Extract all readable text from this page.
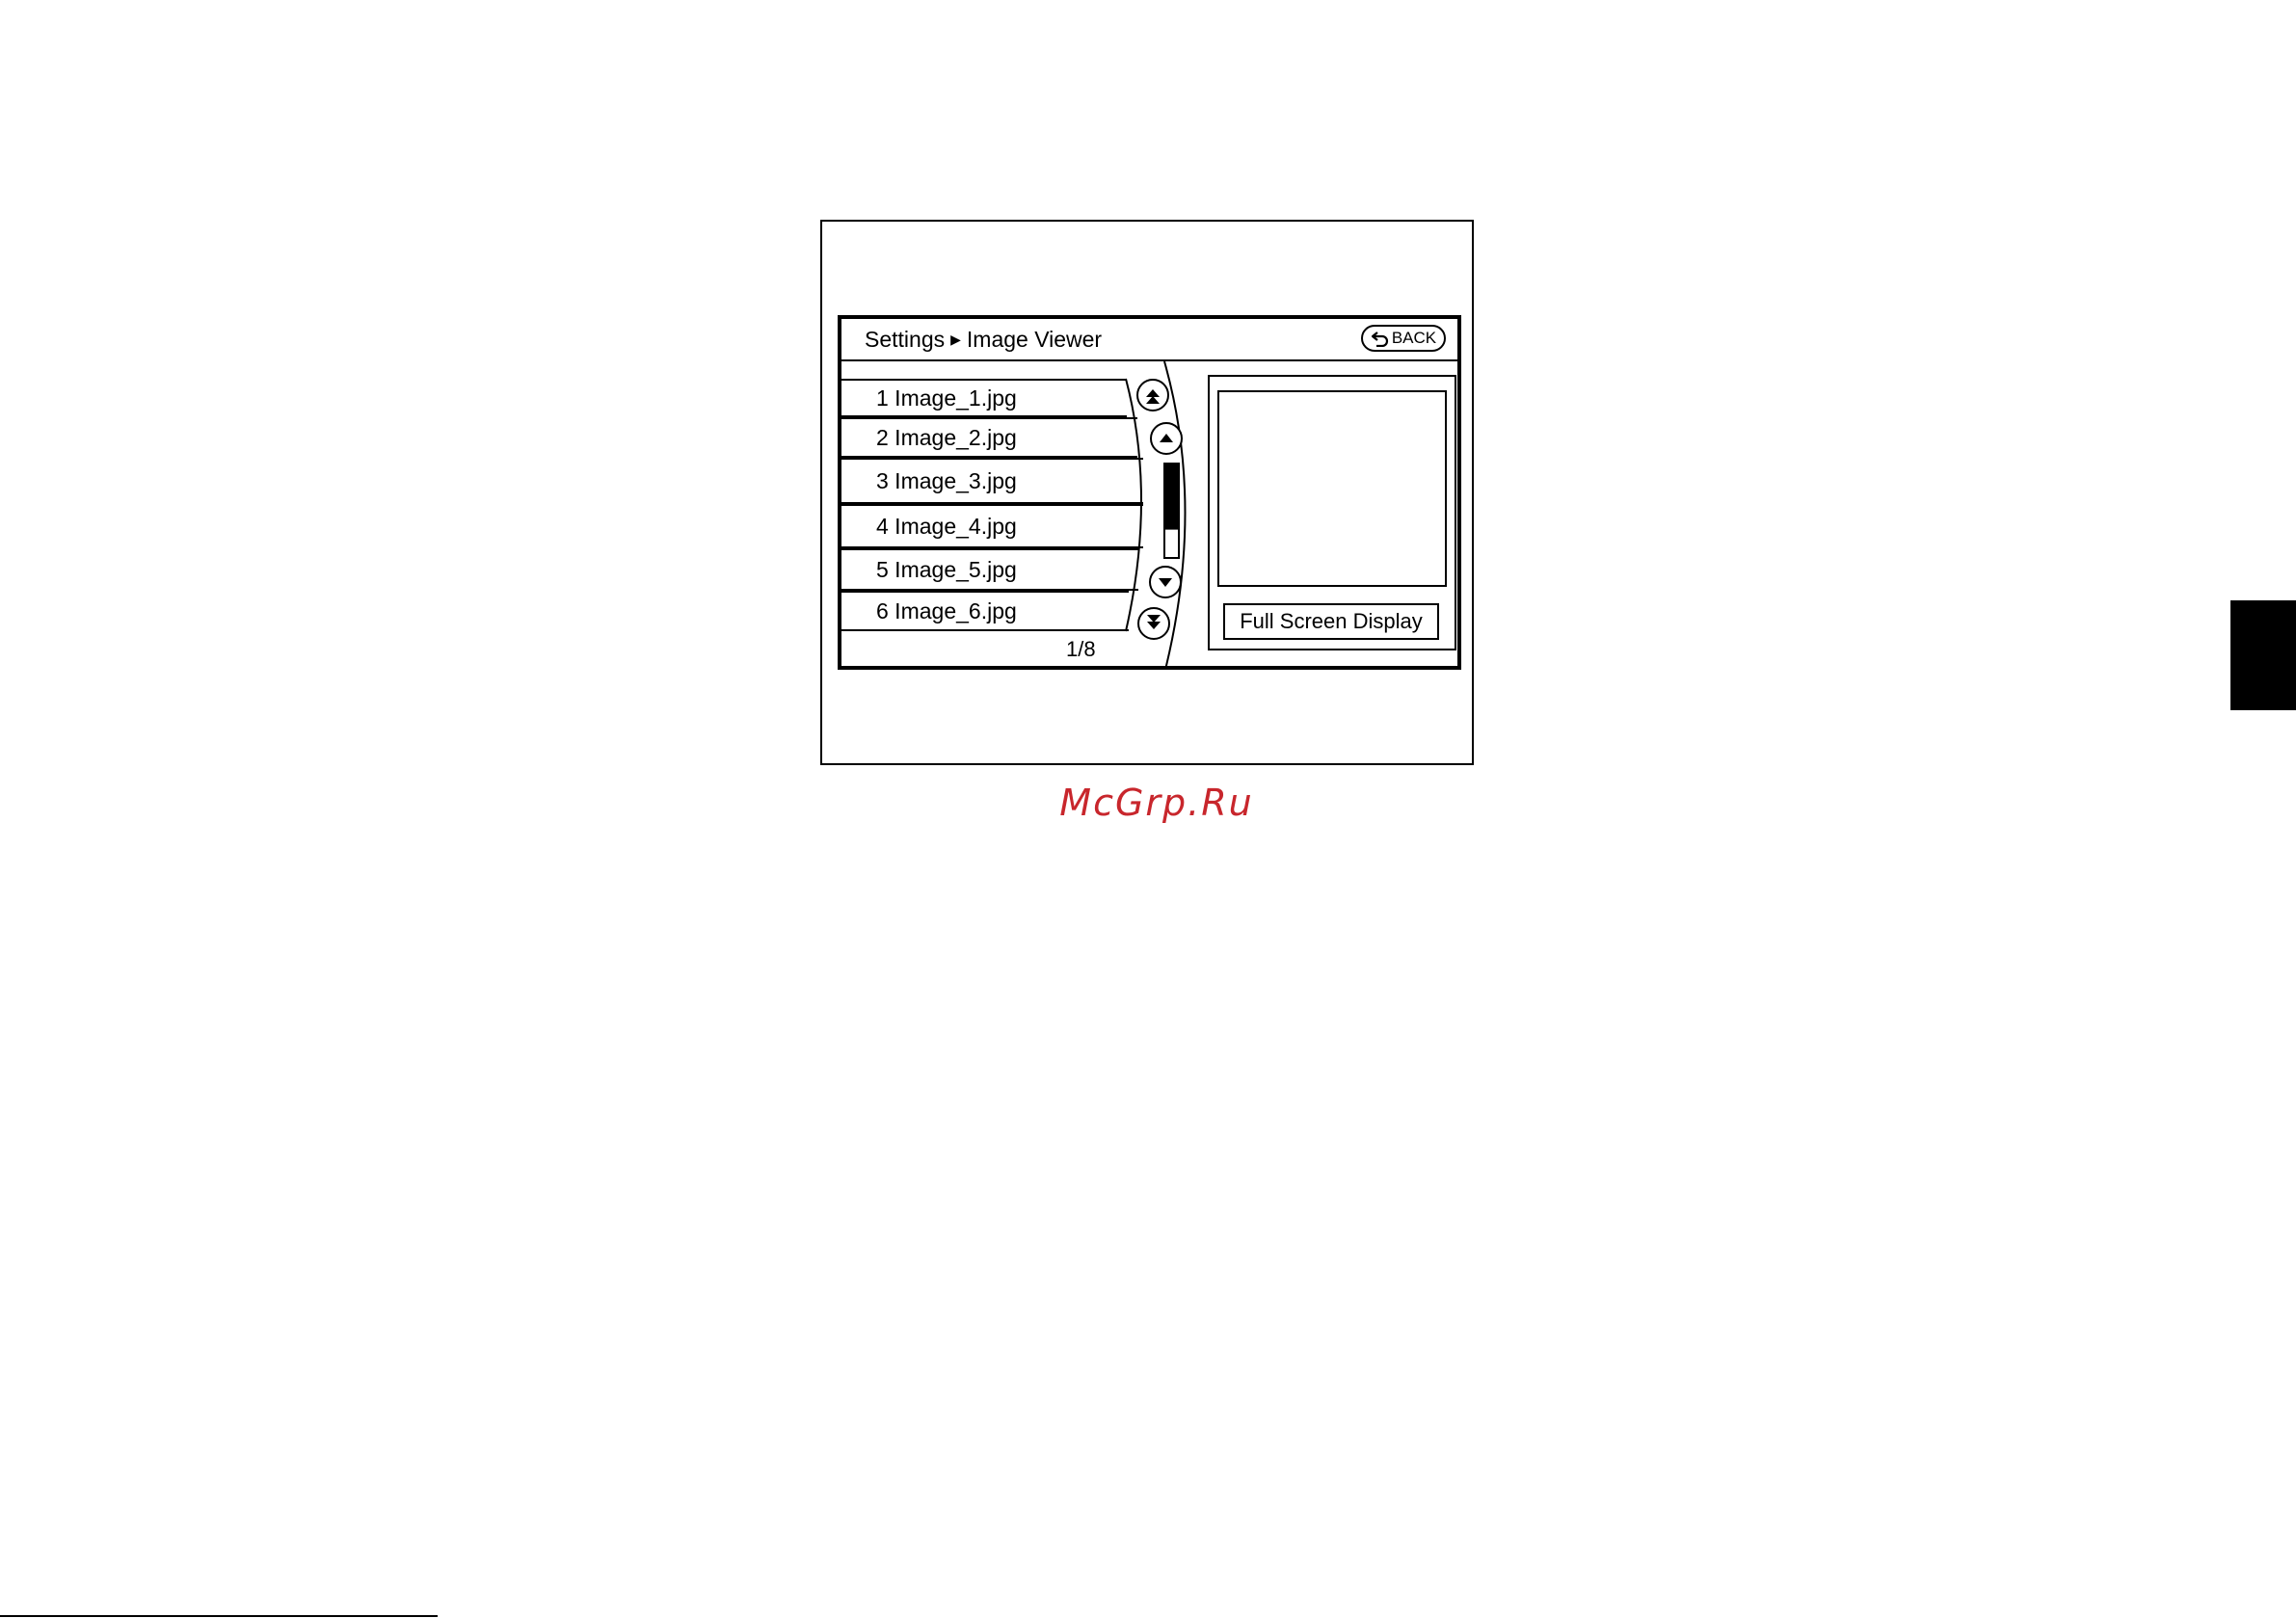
Settings ▶ Image Viewer	BACK
1 Image_1.jpg
2 Image_2.jpg
3 Image_3.jpg
4 Image_4.jpg
5 Image_5.jpg
6 Image_6.jpg
1/8
Full Screen Display
McGrp.Ru
